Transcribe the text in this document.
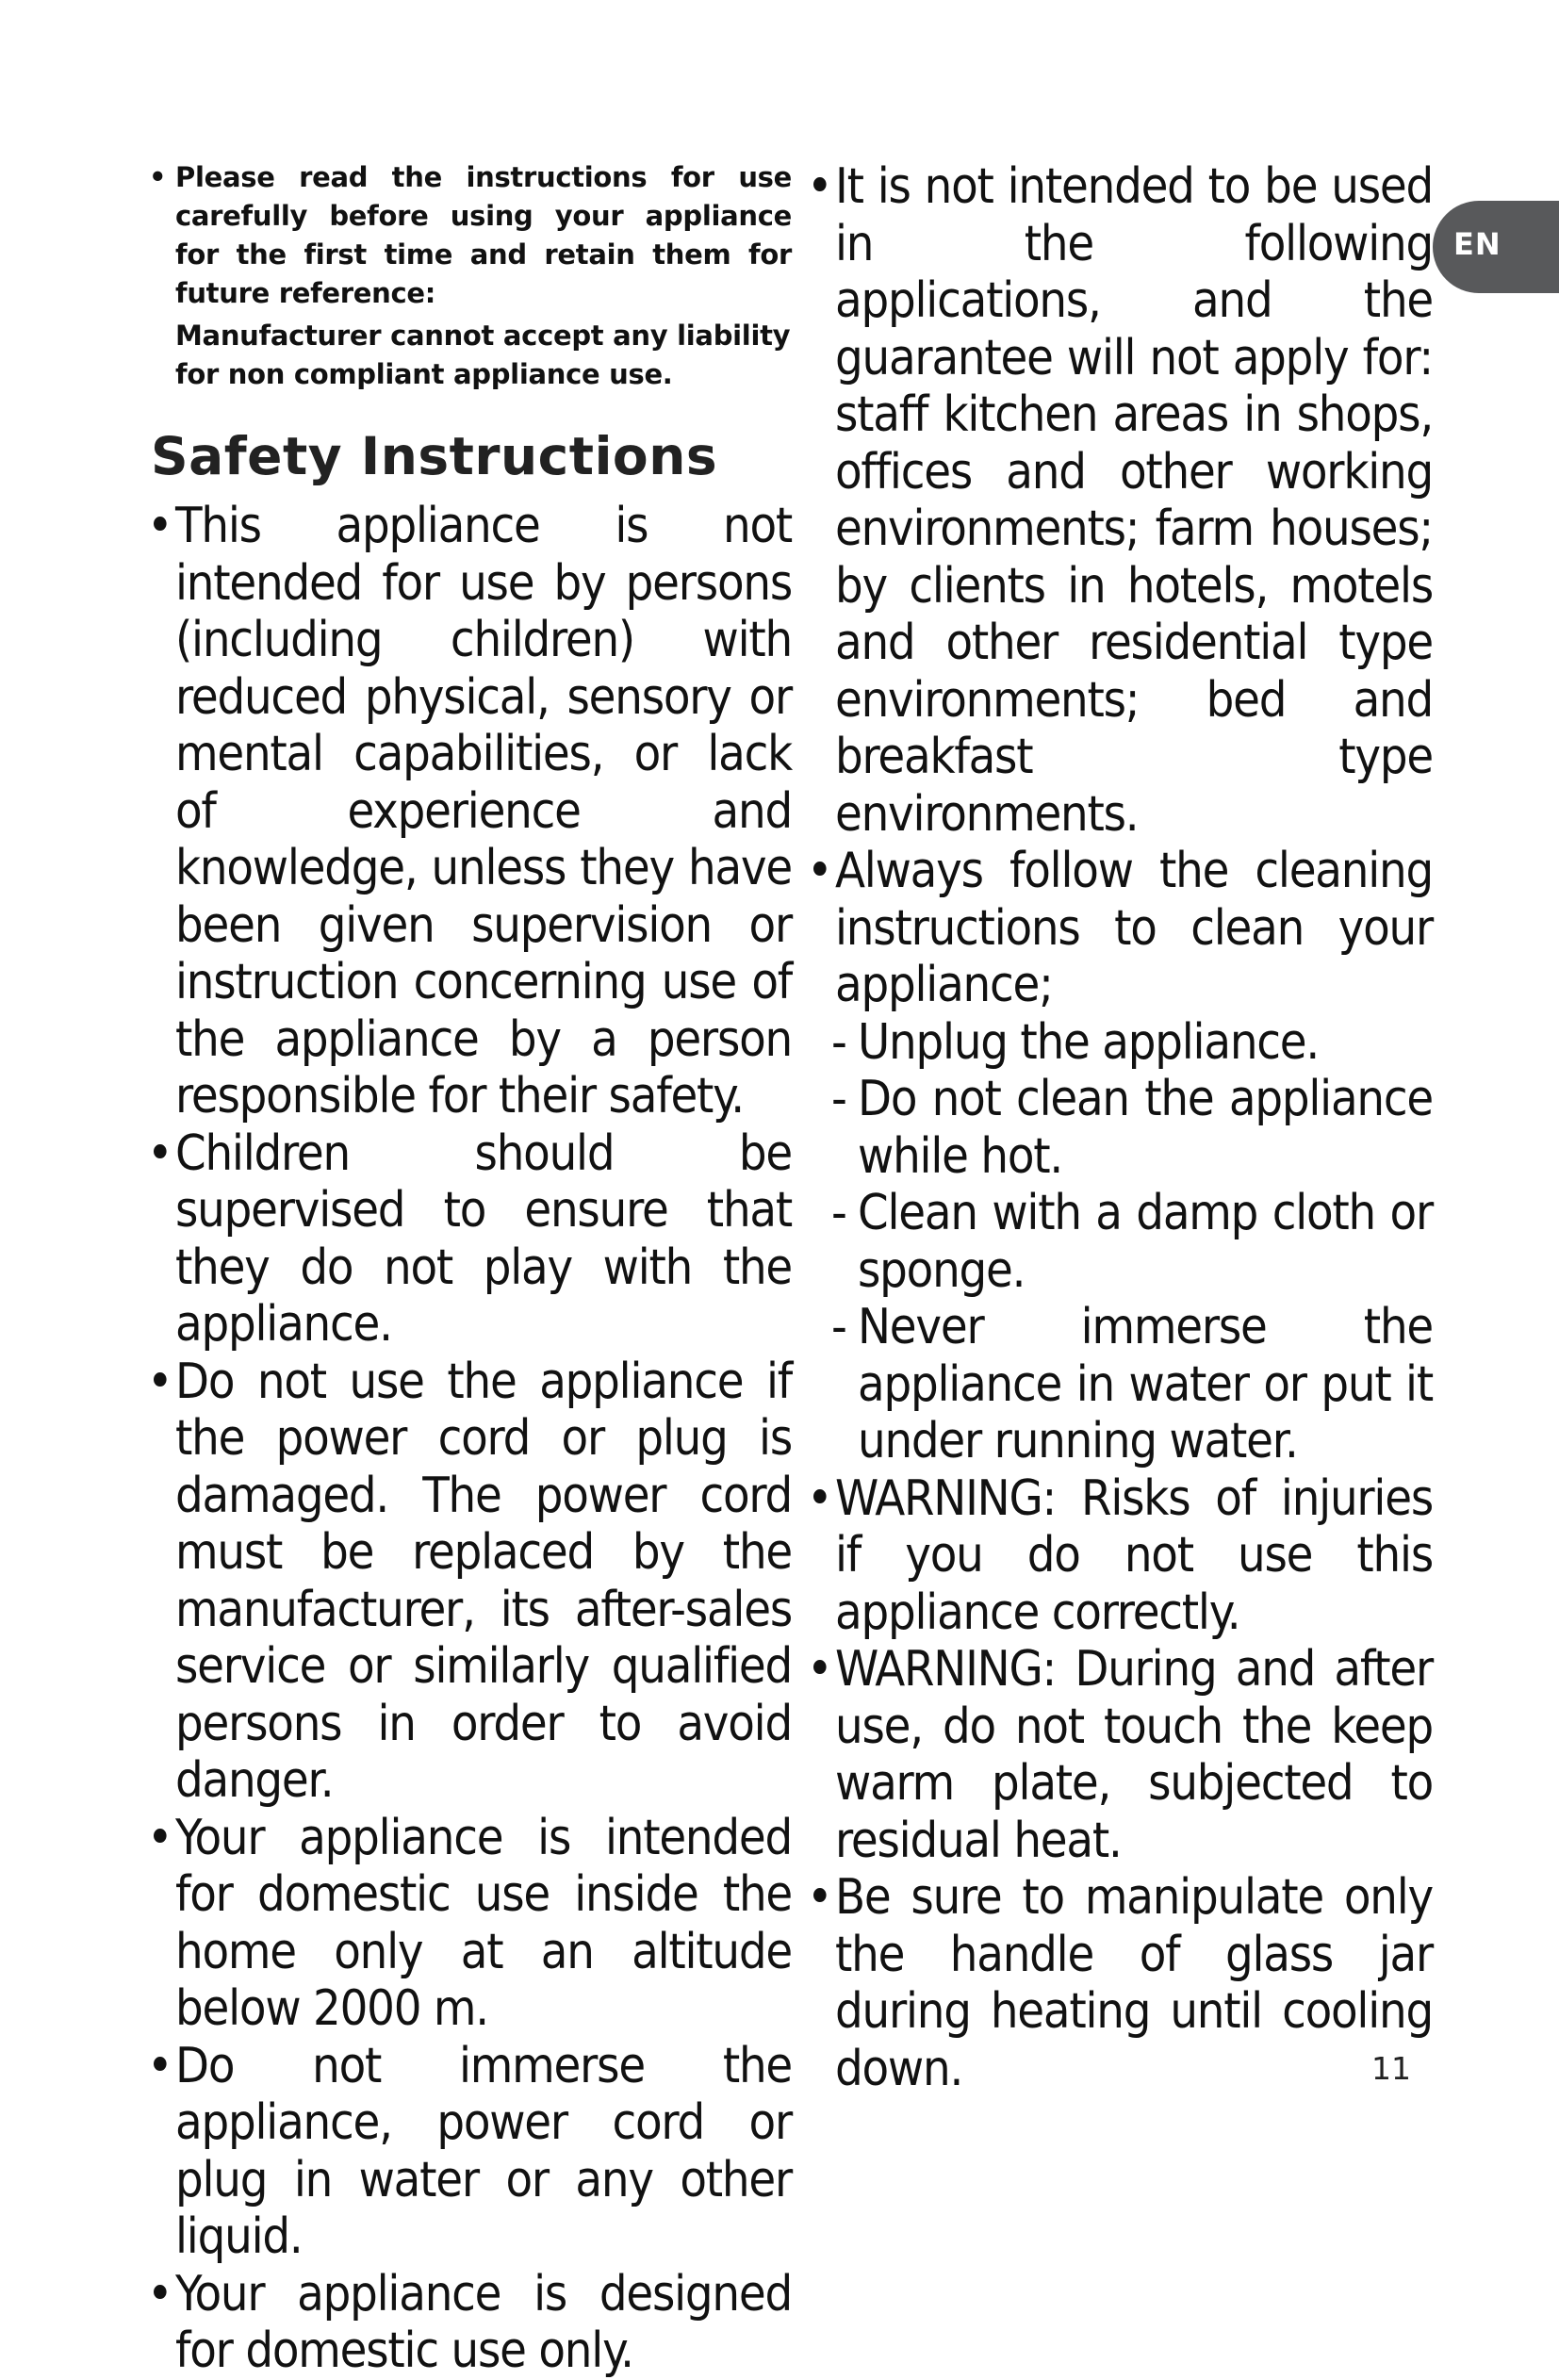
• Please read the instructions for use carefully before using your appliance for the first time and retain them for future reference:

Manufacturer cannot accept any liability for non compliant appliance use.

Safety Instructions

• This appliance is not intended for use by persons (including children) with reduced physical, sensory or mental capabilities, or lack of experience and knowledge, unless they have been given supervision or instruction concerning use of the appliance by a person responsible for their safety.

• Children should be supervised to ensure that they do not play with the appliance.

• Do not use the appliance if the power cord or plug is damaged. The power cord must be replaced by the manufacturer, its after-sales service or similarly qualified persons in order to avoid danger.

• Your appliance is intended for domestic use inside the home only at an altitude below 2000 m.

• Do not immerse the appliance, power cord or plug in water or any other liquid.

• Your appliance is designed for domestic use only.

• It is not intended to be used in the following applications, and the guarantee will not apply for: staff kitchen areas in shops, offices and other working environments; farm houses; by clients in hotels, motels and other residential type environments; bed and breakfast type environments.

• Always follow the cleaning instructions to clean your appliance;

- Unplug the appliance.

- Do not clean the appliance while hot.

- Clean with a damp cloth or sponge.

- Never immerse the appliance in water or put it under running water.

• WARNING: Risks of injuries if you do not use this appliance correctly.

• WARNING: During and after use, do not touch the keep warm plate, subjected to residual heat.

• Be sure to manipulate only the handle of glass jar during heating until cooling down.

EN
11
